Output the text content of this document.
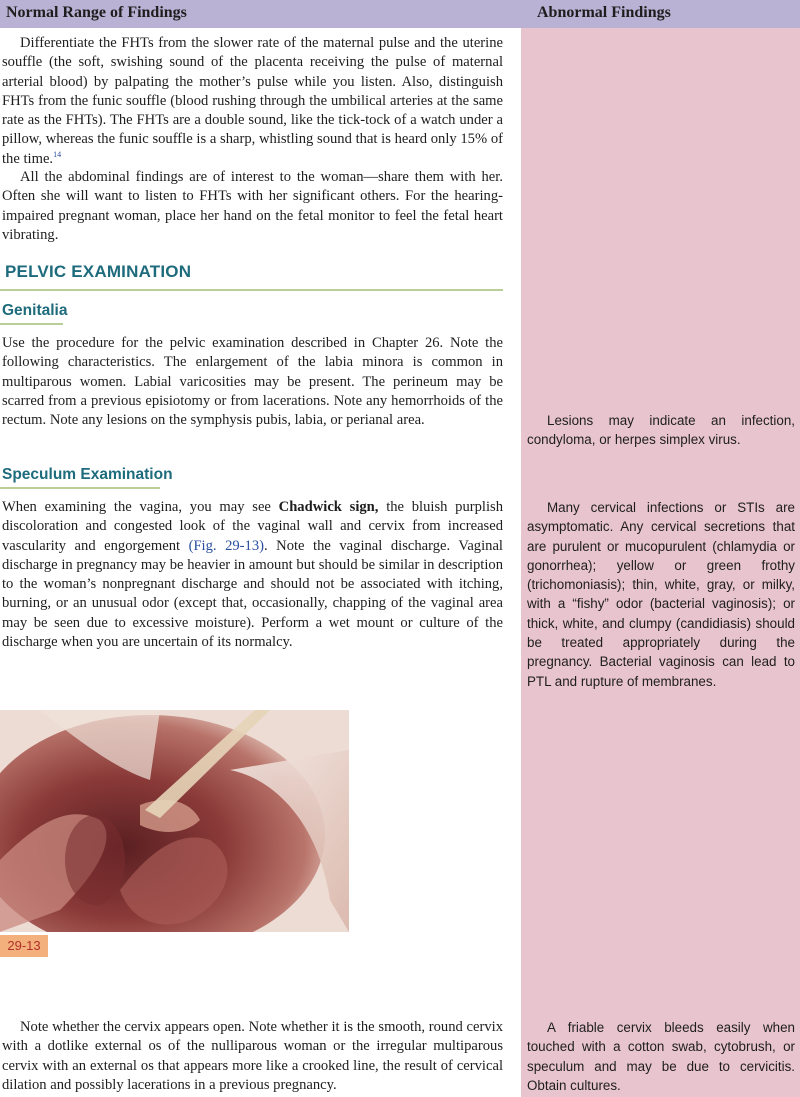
Normal Range of Findings	Abnormal Findings

Differentiate the FHTs from the slower rate of the maternal pulse and the uterine souffle (the soft, swishing sound of the placenta receiving the pulse of maternal arterial blood) by palpating the mother’s pulse while you listen. Also, distinguish FHTs from the funic souffle (blood rushing through the umbilical arteries at the same rate as the FHTs). The FHTs are a double sound, like the tick-tock of a watch under a pillow, whereas the funic souffle is a sharp, whistling sound that is heard only 15% of the time.$^{14}$

All the abdominal findings are of interest to the woman—share them with her. Often she will want to listen to FHTs with her significant others. For the hearing-impaired pregnant woman, place her hand on the fetal monitor to feel the fetal heart vibrating.

PELVIC EXAMINATION
Genitalia

Use the procedure for the pelvic examination described in Chapter 26. Note the following characteristics. The enlargement of the labia minora is common in multiparous women. Labial varicosities may be present. The perineum may be scarred from a previous episiotomy or from lacerations. Note any hemorrhoids of the rectum. Note any lesions on the symphysis pubis, labia, or perianal area.	Lesions may indicate an infection, condyloma, or herpes simplex virus.

Speculum Examination

When examining the vagina, you may see Chadwick sign, the bluish purplish discoloration and congested look of the vaginal wall and cervix from increased vascularity and engorgement (Fig. 29-13). Note the vaginal discharge. Vaginal discharge in pregnancy may be heavier in amount but should be similar in description to the woman’s nonpregnant discharge and should not be associated with itching, burning, or an unusual odor (except that, occasionally, chapping of the vaginal area may be seen due to excessive moisture). Perform a wet mount or culture of the discharge when you are uncertain of its normalcy.

Many cervical infections or STIs are asymptomatic. Any cervical secretions that are purulent or mucopurulent (chlamydia or gonorrhea); yellow or green frothy (trichomoniasis); thin, white, gray, or milky, with a “fishy” odor (bacterial vaginosis); or thick, white, and clumpy (candidiasis) should be treated appropriately during the pregnancy. Bacterial vaginosis can lead to PTL and rupture of membranes.

29-13

Note whether the cervix appears open. Note whether it is the smooth, round cervix with a dotlike external os of the nulliparous woman or the irregular multiparous cervix with an external os that appears more like a crooked line, the result of cervical dilation and possibly lacerations in a previous pregnancy.

A friable cervix bleeds easily when touched with a cotton swab, cytobrush, or speculum and may be due to cervicitis. Obtain cultures.
